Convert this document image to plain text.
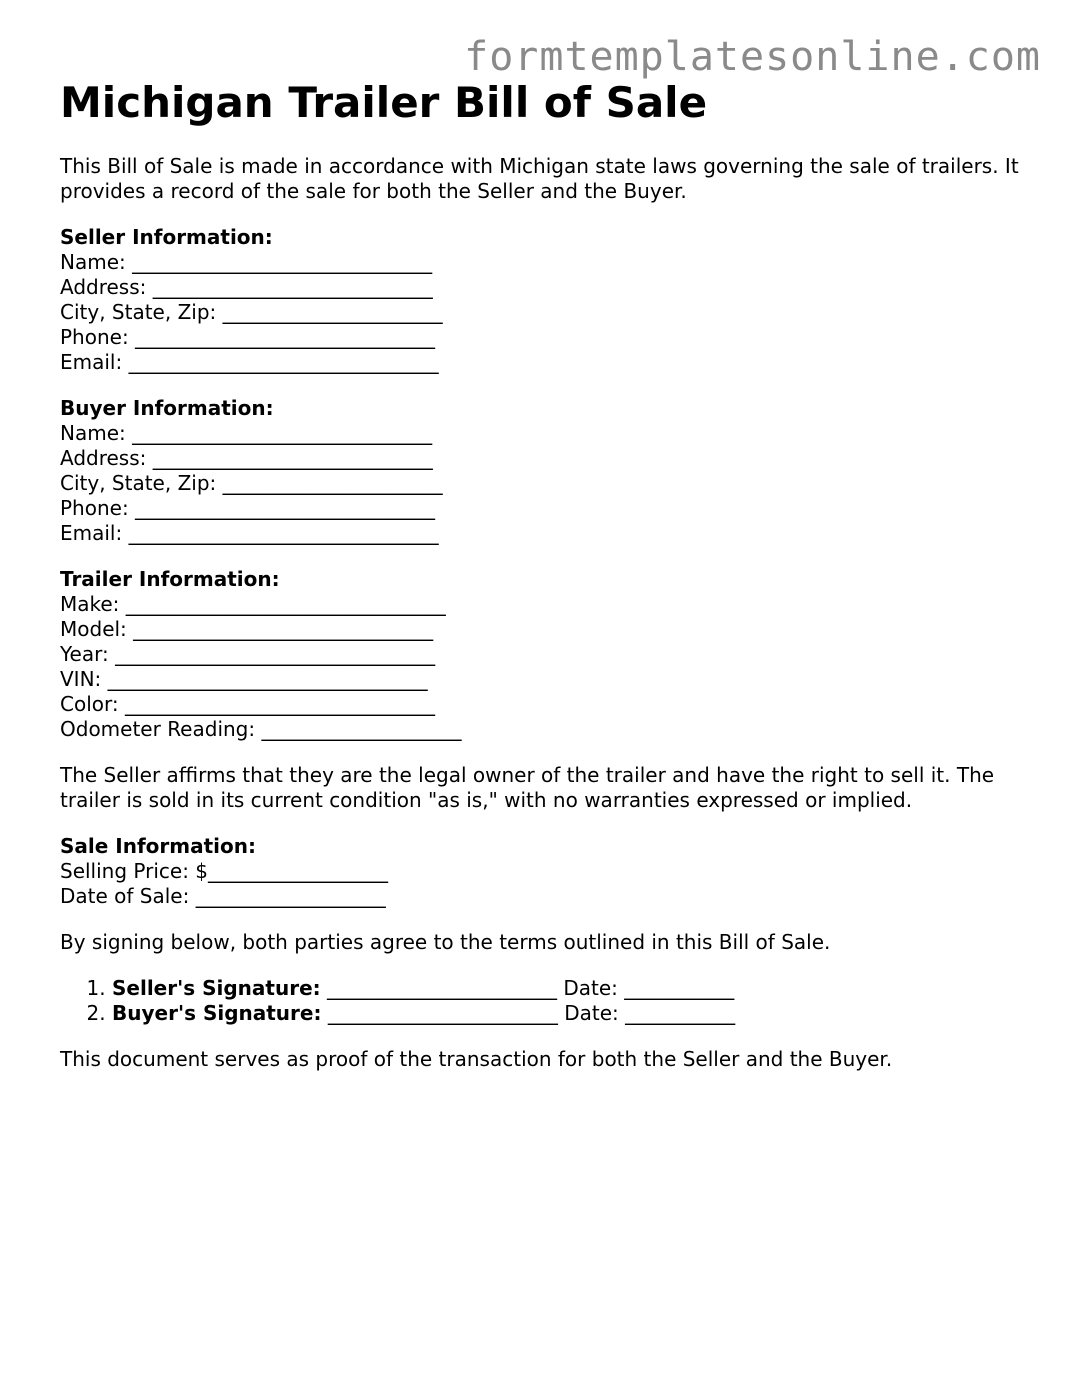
formtemplatesonline.com
Michigan Trailer Bill of Sale

This Bill of Sale is made in accordance with Michigan state laws governing the sale of trailers. It provides a record of the sale for both the Seller and the Buyer.

Seller Information:
Name: ______________________________
Address: ____________________________
City, State, Zip: ______________________
Phone: ______________________________
Email: _______________________________
Buyer Information:
Name: ______________________________
Address: ____________________________
City, State, Zip: ______________________
Phone: ______________________________
Email: _______________________________
Trailer Information:
Make: ________________________________
Model: ______________________________
Year: ________________________________
VIN: ________________________________
Color: _______________________________
Odometer Reading: ____________________

The Seller affirms that they are the legal owner of the trailer and have the right to sell it. The trailer is sold in its current condition "as is," with no warranties expressed or implied.

Sale Information:
Selling Price: $__________________
Date of Sale: ___________________

By signing below, both parties agree to the terms outlined in this Bill of Sale.

1. Seller's Signature: _______________________ Date: ___________
2. Buyer's Signature: _______________________ Date: ___________

This document serves as proof of the transaction for both the Seller and the Buyer.
